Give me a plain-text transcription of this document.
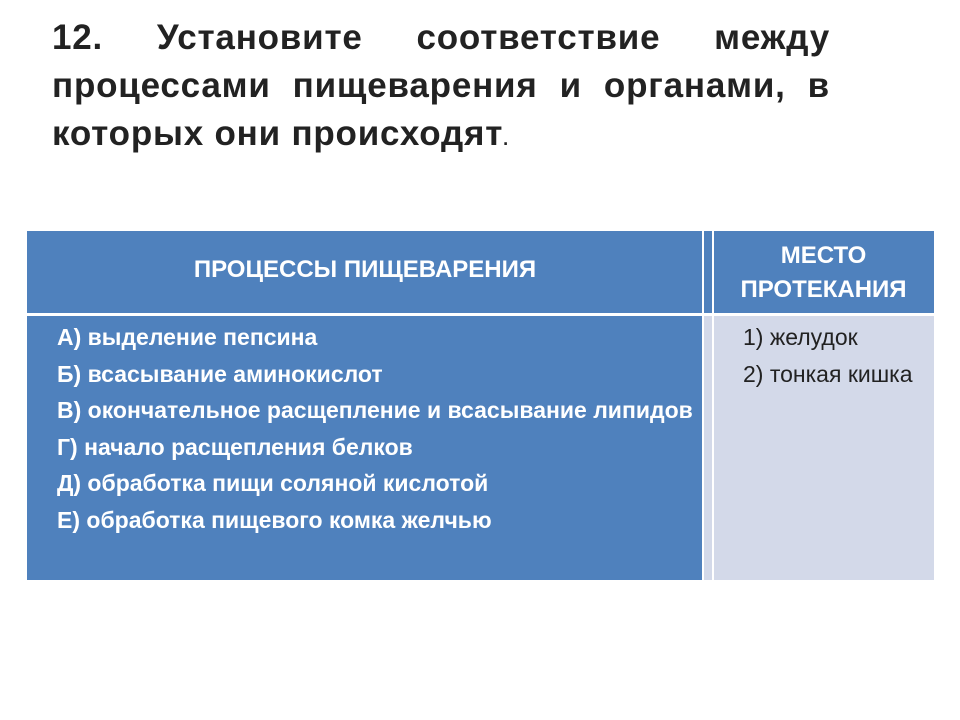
12. Установите соответствие между процессами пищеварения и органами, в которых они происходят.
ПРОЦЕССЫ ПИЩЕВАРЕНИЯ
МЕСТО ПРОТЕКАНИЯ
А) выделение пепсина
Б) всасывание аминокислот
В) окончательное расщепление и всасывание липидов
Г) начало расщепления белков
Д) обработка пищи соляной кислотой
Е) обработка пищевого комка желчью
1) желудок
2) тонкая кишка
